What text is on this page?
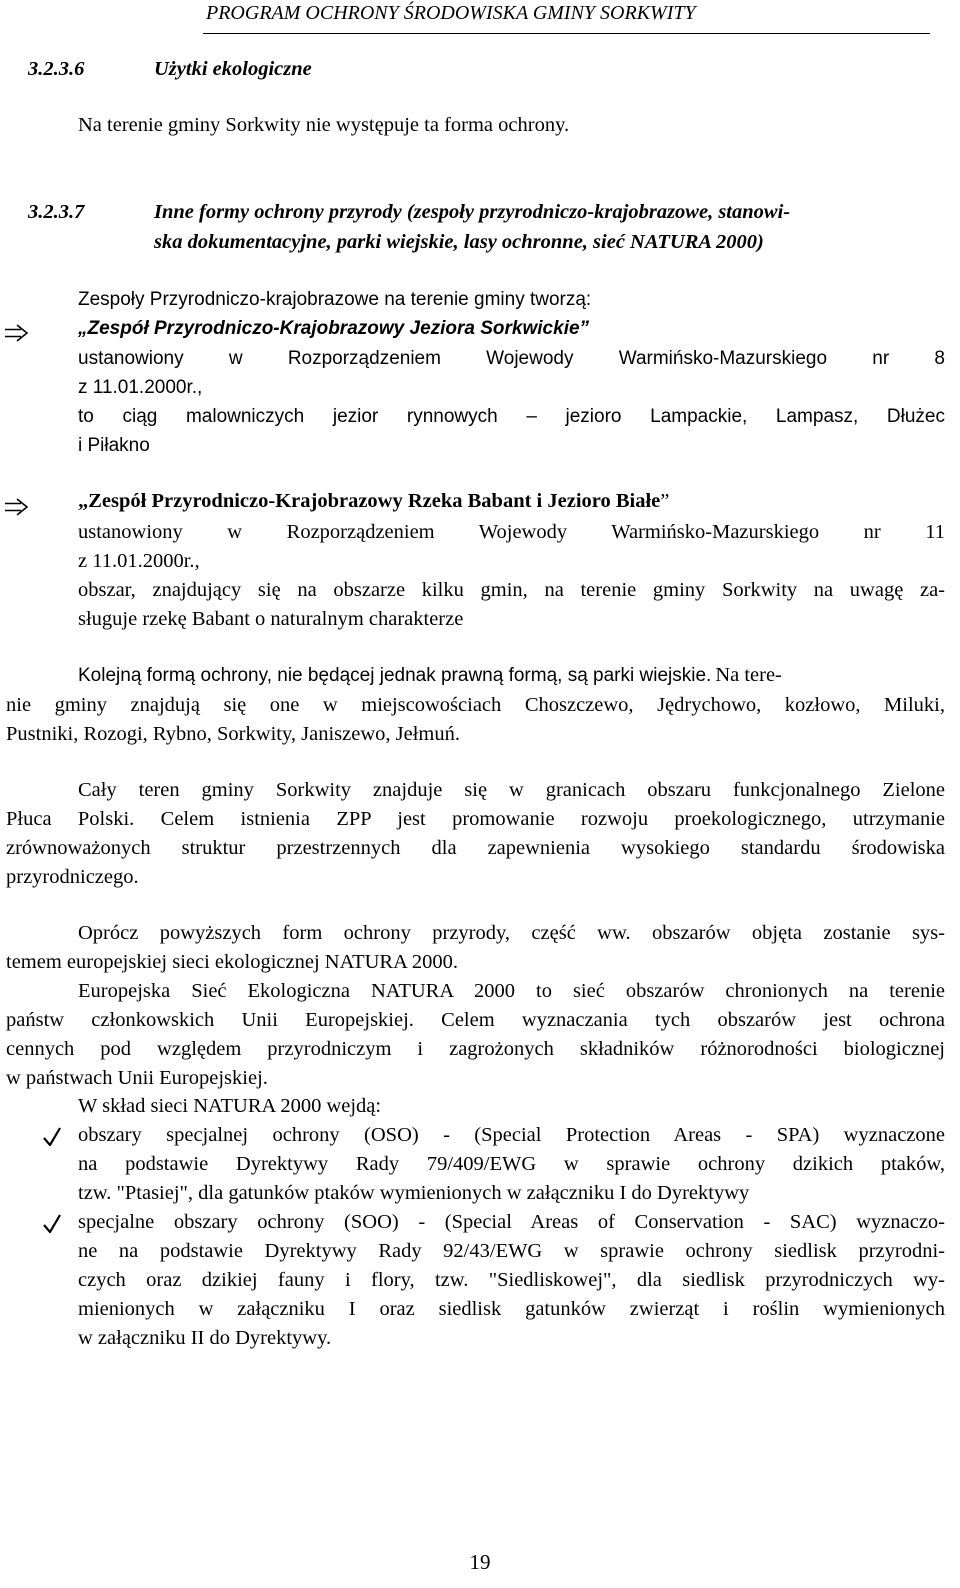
PROGRAM OCHRONY ŚRODOWISKA GMINY SORKWITY
3.2.3.6	Użytki ekologiczne
Na terenie gminy Sorkwity nie występuje ta forma ochrony.
3.2.3.7	Inne formy ochrony przyrody (zespoły przyrodniczo-krajobrazowe, stanowi-
ska dokumentacyjne, parki wiejskie, lasy ochronne, sieć NATURA 2000)
Zespoły Przyrodniczo-krajobrazowe na terenie gminy tworzą:
„Zespół Przyrodniczo-Krajobrazowy Jeziora Sorkwickie”
ustanowiony w Rozporządzeniem Wojewody Warmińsko-Mazurskiego nr 8
z 11.01.2000r.,
to ciąg malowniczych jezior rynnowych – jezioro Lampackie, Lampasz, Dłużec
i Piłakno
„Zespół Przyrodniczo-Krajobrazowy Rzeka Babant i Jezioro Białe”
ustanowiony w Rozporządzeniem Wojewody Warmińsko-Mazurskiego nr 11
z 11.01.2000r.,
obszar, znajdujący się na obszarze kilku gmin, na terenie gminy Sorkwity na uwagę za-
sługuje rzekę Babant o naturalnym charakterze
Kolejną formą ochrony, nie będącej jednak prawną formą, są parki wiejskie. Na tere-
nie gminy znajdują się one w miejscowościach Choszczewo, Jędrychowo, kozłowo, Miluki,
Pustniki, Rozogi, Rybno, Sorkwity, Janiszewo, Jełmuń.
Cały teren gminy Sorkwity znajduje się w granicach obszaru funkcjonalnego Zielone
Płuca Polski. Celem istnienia ZPP jest promowanie rozwoju proekologicznego, utrzymanie
zrównoważonych struktur przestrzennych dla zapewnienia wysokiego standardu środowiska
przyrodniczego.
Oprócz powyższych form ochrony przyrody, część ww. obszarów objęta zostanie sys-
temem europejskiej sieci ekologicznej NATURA 2000.
Europejska Sieć Ekologiczna NATURA 2000 to sieć obszarów chronionych na terenie
państw członkowskich Unii Europejskiej. Celem wyznaczania tych obszarów jest ochrona
cennych pod względem przyrodniczym i zagrożonych składników różnorodności biologicznej
w państwach Unii Europejskiej.
W skład sieci NATURA 2000 wejdą:
obszary specjalnej ochrony (OSO) - (Special Protection Areas - SPA) wyznaczone
na podstawie Dyrektywy Rady 79/409/EWG w sprawie ochrony dzikich ptaków,
tzw. "Ptasiej", dla gatunków ptaków wymienionych w załączniku I do Dyrektywy
specjalne obszary ochrony (SOO) - (Special Areas of Conservation - SAC) wyznaczo-
ne na podstawie Dyrektywy Rady 92/43/EWG w sprawie ochrony siedlisk przyrodni-
czych oraz dzikiej fauny i flory, tzw. "Siedliskowej", dla siedlisk przyrodniczych wy-
mienionych w załączniku I oraz siedlisk gatunków zwierząt i roślin wymienionych
w załączniku II do Dyrektywy.
19
